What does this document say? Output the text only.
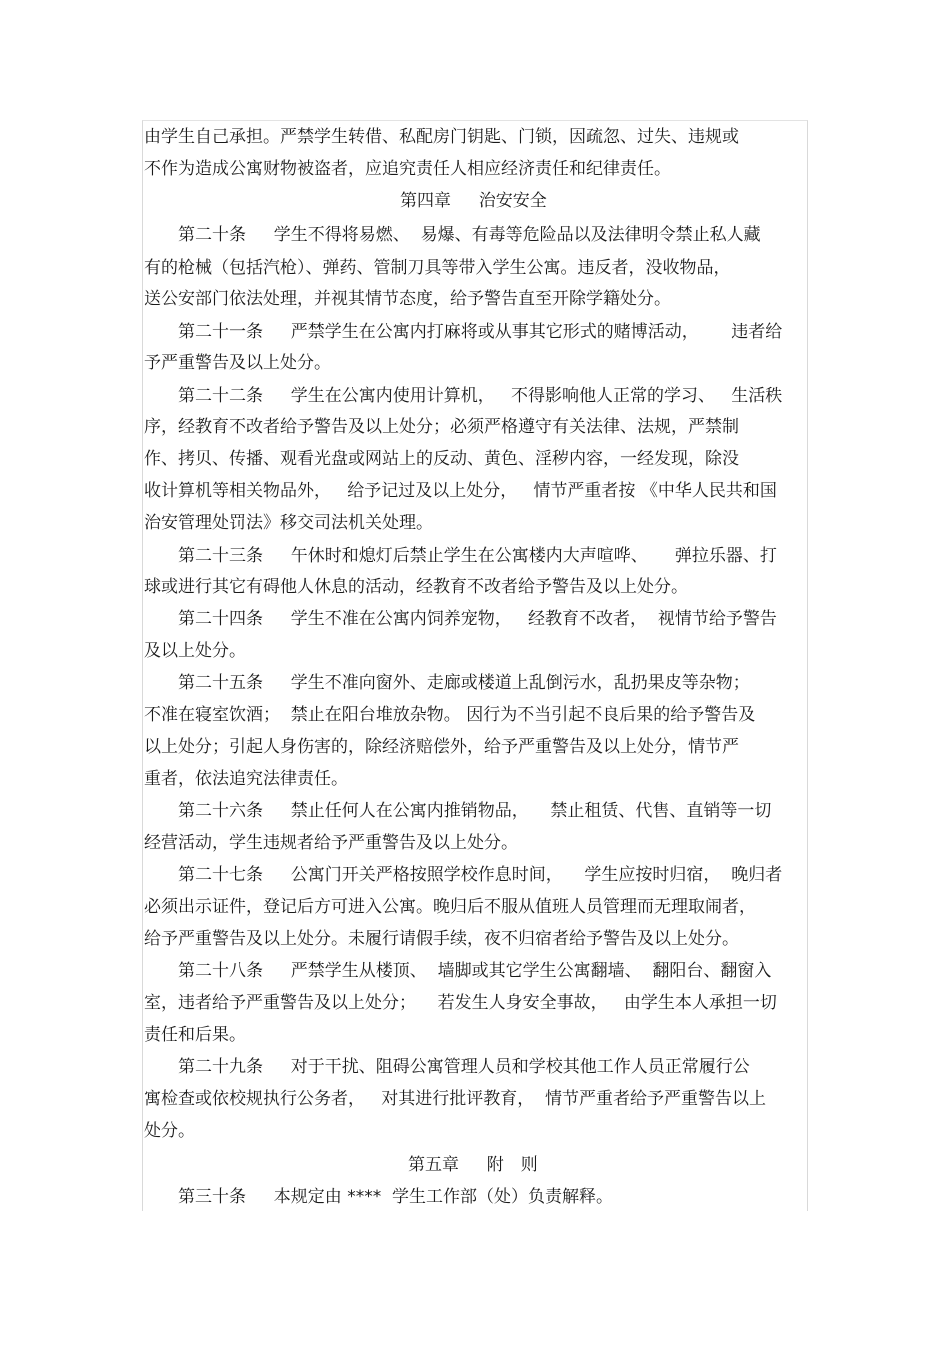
由学生自己承担。严禁学生转借、私配房门钥匙、门锁，因疏忽、过失、违规或
不作为造成公寓财物被盗者，应追究责任人相应经济责任和纪律责任。
第四章　  治安安全
　　第二十条　  学生不得将易燃、  易爆、有毒等危险品以及法律明令禁止私人藏
有的枪械（包括汽枪）、弹药、管制刀具等带入学生公寓。违反者，没收物品，
送公安部门依法处理，并视其情节态度，给予警告直至开除学籍处分。
　　第二十一条　  严禁学生在公寓内打麻将或从事其它形式的赌博活动，      违者给
予严重警告及以上处分。
　　第二十二条　  学生在公寓内使用计算机，   不得影响他人正常的学习、   生活秩
序，经教育不改者给予警告及以上处分；必须严格遵守有关法律、法规，严禁制
作、拷贝、传播、观看光盘或网站上的反动、黄色、淫秽内容，一经发现，除没
收计算机等相关物品外，   给予记过及以上处分，   情节严重者按 《中华人民共和国
治安管理处罚法》移交司法机关处理。
　　第二十三条　  午休时和熄灯后禁止学生在公寓楼内大声喧哗、     弹拉乐器、打
球或进行其它有碍他人休息的活动，经教育不改者给予警告及以上处分。
　　第二十四条　  学生不准在公寓内饲养宠物，   经教育不改者，  视情节给予警告
及以上处分。
　　第二十五条　  学生不准向窗外、走廊或楼道上乱倒污水，乱扔果皮等杂物；
不准在寝室饮酒；  禁止在阳台堆放杂物。 因行为不当引起不良后果的给予警告及
以上处分；引起人身伤害的，除经济赔偿外，给予严重警告及以上处分，情节严
重者，依法追究法律责任。
　　第二十六条　  禁止任何人在公寓内推销物品，    禁止租赁、代售、直销等一切
经营活动，学生违规者给予严重警告及以上处分。
　　第二十七条　  公寓门开关严格按照学校作息时间，    学生应按时归宿，  晚归者
必须出示证件，登记后方可进入公寓。晚归后不服从值班人员管理而无理取闹者，
给予严重警告及以上处分。未履行请假手续，夜不归宿者给予警告及以上处分。
　　第二十八条　  严禁学生从楼顶、  墙脚或其它学生公寓翻墙、  翻阳台、翻窗入
室，违者给予严重警告及以上处分；    若发生人身安全事故，   由学生本人承担一切
责任和后果。
　　第二十九条　  对于干扰、阻碍公寓管理人员和学校其他工作人员正常履行公
寓检查或依校规执行公务者，   对其进行批评教育，  情节严重者给予严重警告以上
处分。
第五章　  附　则
　　第三十条　  本规定由 ****  学生工作部（处）负责解释。
